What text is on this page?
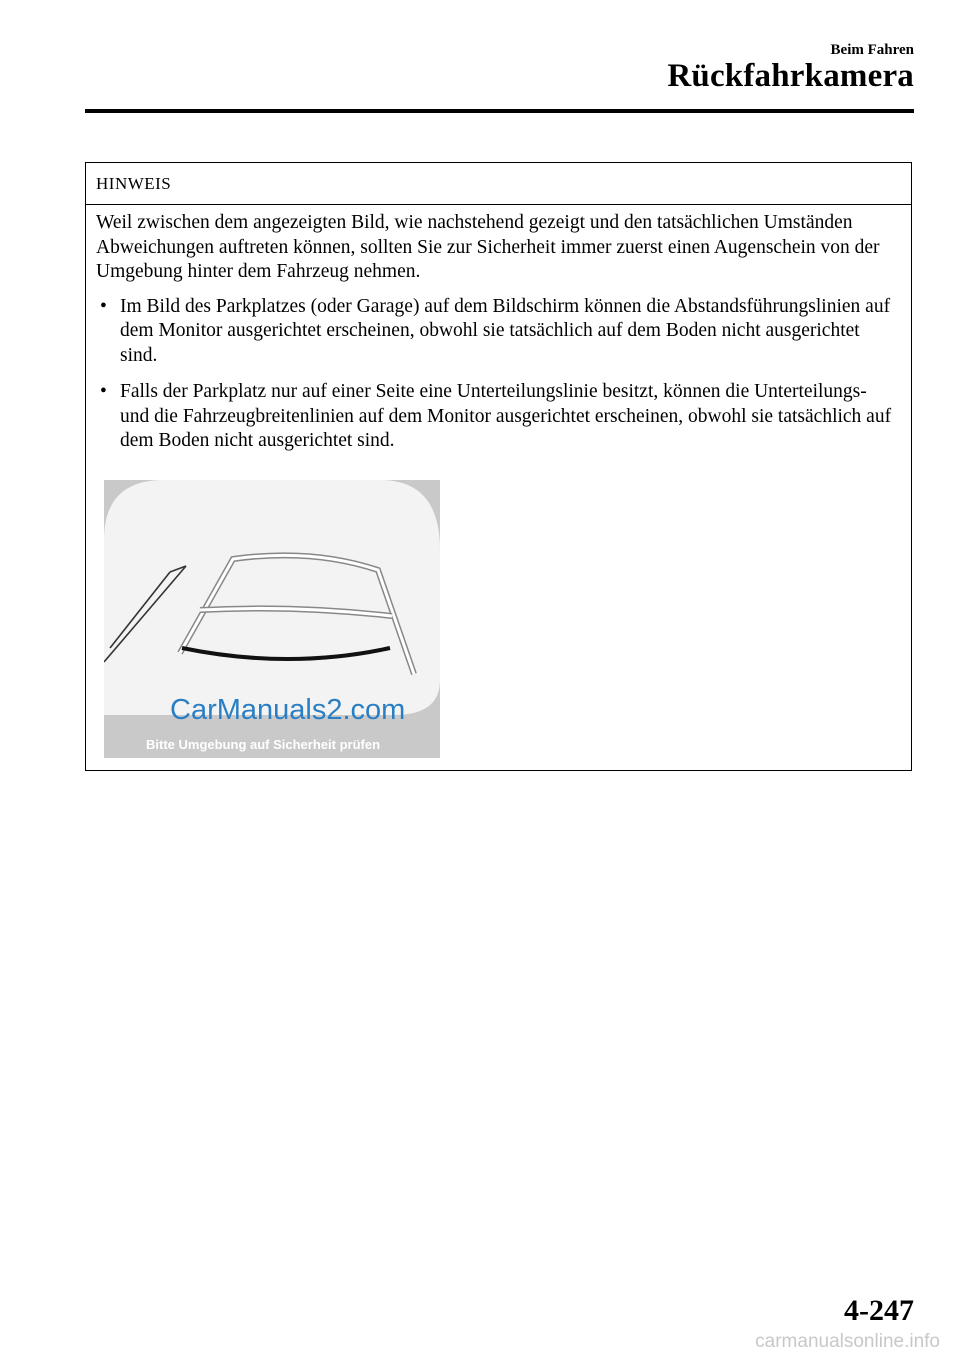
Beim Fahren
Rückfahrkamera
HINWEIS

Weil zwischen dem angezeigten Bild, wie nachstehend gezeigt und den tatsächlichen Umständen Abweichungen auftreten können, sollten Sie zur Sicherheit immer zuerst einen Augenschein von der Umgebung hinter dem Fahrzeug nehmen.

• Im Bild des Parkplatzes (oder Garage) auf dem Bildschirm können die Abstandsführungslinien auf dem Monitor ausgerichtet erscheinen, obwohl sie tatsächlich auf dem Boden nicht ausgerichtet sind.
• Falls der Parkplatz nur auf einer Seite eine Unterteilungslinie besitzt, können die Unterteilungs- und die Fahrzeugbreitenlinien auf dem Monitor ausgerichtet erscheinen, obwohl sie tatsächlich auf dem Boden nicht ausgerichtet sind.
CarManuals2.com
Bitte Umgebung auf Sicherheit prüfen
4-247
carmanualsonline.info
